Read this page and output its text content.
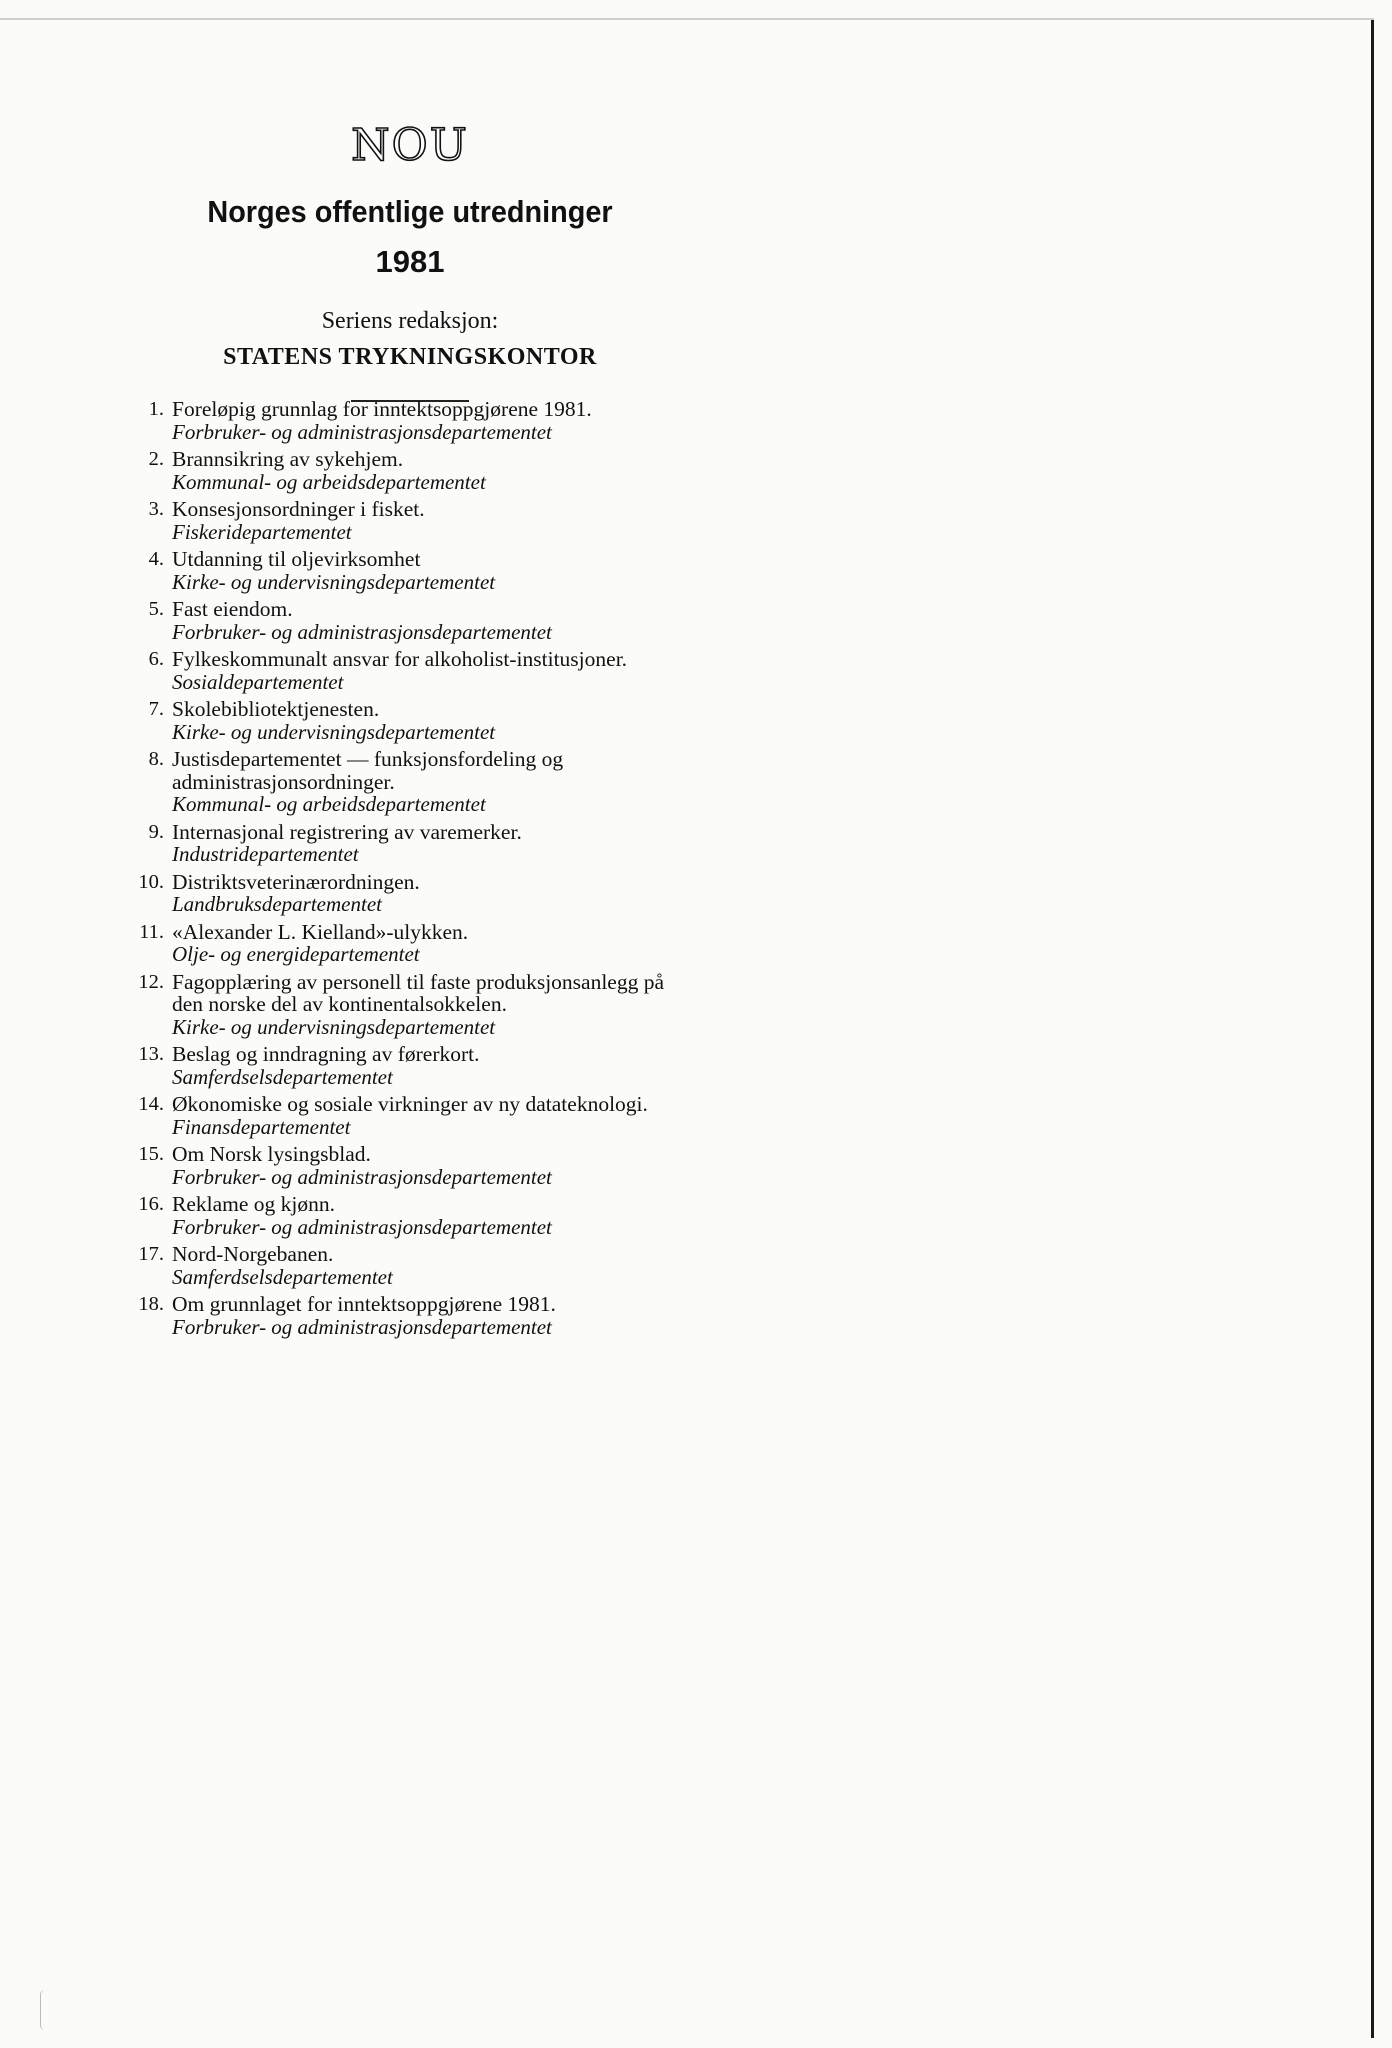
NOU
Norges offentlige utredninger
1981
Seriens redaksjon:
STATENS TRYKNINGSKONTOR
1. Foreløpig grunnlag for inntektsoppgjørene 1981.
Forbruker- og administrasjonsdepartementet
2. Brannsikring av sykehjem.
Kommunal- og arbeidsdepartementet
3. Konsesjonsordninger i fisket.
Fiskeridepartementet
4. Utdanning til oljevirksomhet
Kirke- og undervisningsdepartementet
5. Fast eiendom.
Forbruker- og administrasjonsdepartementet
6. Fylkeskommunalt ansvar for alkoholist-institusjoner.
Sosialdepartementet
7. Skolebibliotektjenesten.
Kirke- og undervisningsdepartementet
8. Justisdepartementet — funksjonsfordeling og administrasjonsordninger.
Kommunal- og arbeidsdepartementet
9. Internasjonal registrering av varemerker.
Industridepartementet
10. Distriktsveterinærordningen.
Landbruksdepartementet
11. «Alexander L. Kielland»-ulykken.
Olje- og energidepartementet
12. Fagopplæring av personell til faste produksjonsanlegg på den norske del av kontinentalsokkelen.
Kirke- og undervisningsdepartementet
13. Beslag og inndragning av førerkort.
Samferdselsdepartementet
14. Økonomiske og sosiale virkninger av ny datateknologi.
Finansdepartementet
15. Om Norsk lysingsblad.
Forbruker- og administrasjonsdepartementet
16. Reklame og kjønn.
Forbruker- og administrasjonsdepartementet
17. Nord-Norgebanen.
Samferdselsdepartementet
18. Om grunnlaget for inntektsoppgjørene 1981.
Forbruker- og administrasjonsdepartementet
